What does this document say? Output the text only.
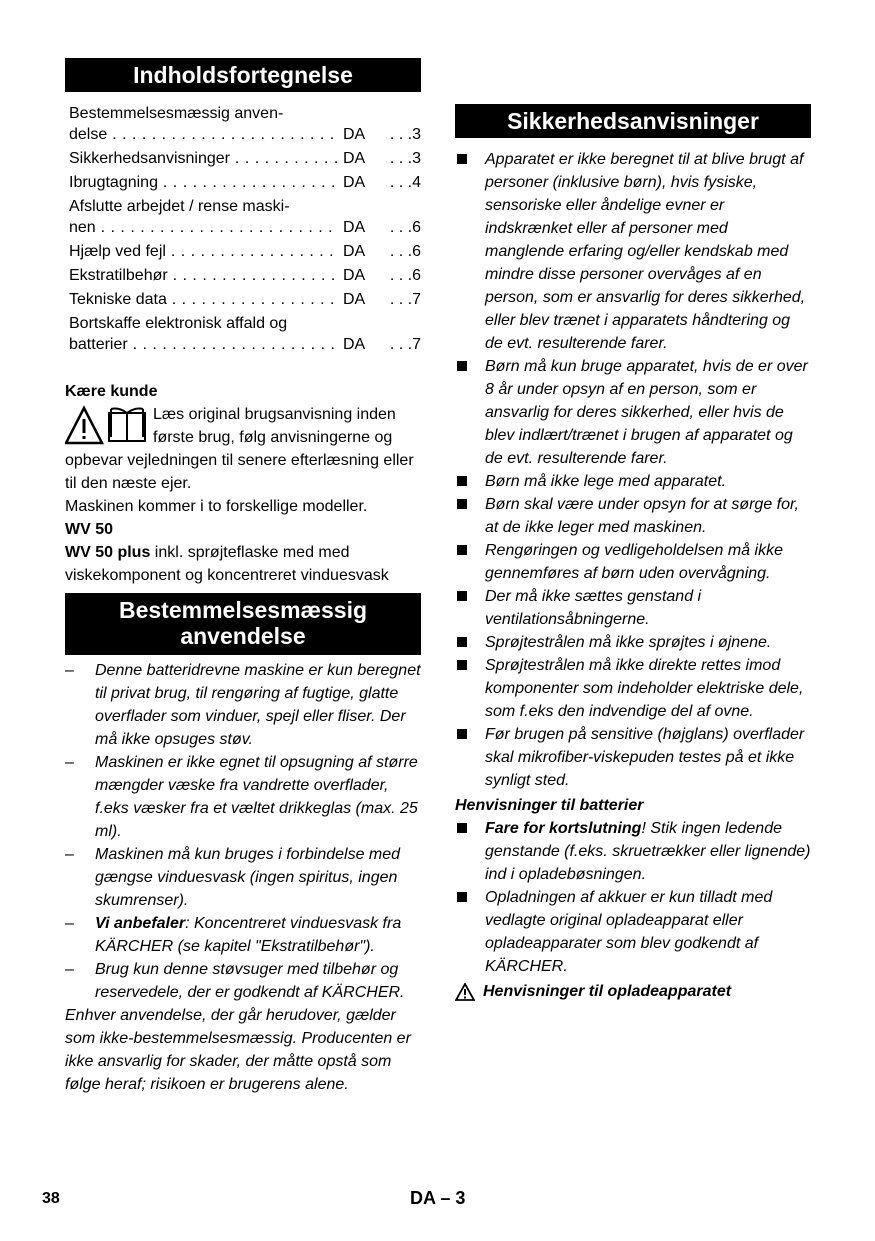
Indholdsfortegnelse
Bestemmelsesmæssig anven-
delse . . .	DA	. . . 3
Sikkerhedsanvisninger . . .	DA	. . . 3
Ibrugtagning . . .	DA	. . . 4
Afslutte arbejdet / rense maski-
nen . . .	DA	. . . 6
Hjælp ved fejl . . .	DA	. . . 6
Ekstratilbehør . . .	DA	. . . 6
Tekniske data . . .	DA	. . . 7
Bortskaffe elektronisk affald og
batterier . . .	DA	. . . 7
Kære kunde
Læs original brugsanvisning inden første brug, følg anvisningerne og opbevar vejledningen til senere efterlæsning eller til den næste ejer.
Maskinen kommer i to forskellige modeller.
WV 50
WV 50 plus inkl. sprøjteflaske med med viskekomponent og koncentreret vinduesvask
Bestemmelsesmæssig
anvendelse
– Denne batteridrevne maskine er kun beregnet til privat brug, til rengøring af fugtige, glatte overflader som vinduer, spejl eller fliser. Der må ikke opsuges støv.
– Maskinen er ikke egnet til opsugning af større mængder væske fra vandrette overflader, f.eks væsker fra et væltet drikkeglas (max. 25 ml).
– Maskinen må kun bruges i forbindelse med gængse vinduesvask (ingen spiritus, ingen skumrenser).
– Vi anbefaler: Koncentreret vinduesvask fra KÄRCHER (se kapitel "Ekstratilbehør").
– Brug kun denne støvsuger med tilbehør og reservedele, der er godkendt af KÄRCHER.
Enhver anvendelse, der går herudover, gælder som ikke-bestemmelsesmæssig. Producenten er ikke ansvarlig for skader, der måtte opstå som følge heraf; risikoen er brugerens alene.
Sikkerhedsanvisninger
Apparatet er ikke beregnet til at blive brugt af personer (inklusive børn), hvis fysiske, sensoriske eller åndelige evner er indskrænket eller af personer med manglende erfaring og/eller kendskab med mindre disse personer overvåges af en person, som er ansvarlig for deres sikkerhed, eller blev trænet i apparatets håndtering og de evt. resulterende farer.
Børn må kun bruge apparatet, hvis de er over 8 år under opsyn af en person, som er ansvarlig for deres sikkerhed, eller hvis de blev indlært/trænet i brugen af apparatet og de evt. resulterende farer.
Børn må ikke lege med apparatet.
Børn skal være under opsyn for at sørge for, at de ikke leger med maskinen.
Rengøringen og vedligeholdelsen må ikke gennemføres af børn uden overvågning.
Der må ikke sættes genstand i ventilationsåbningerne.
Sprøjtestrålen må ikke sprøjtes i øjnene.
Sprøjtestrålen må ikke direkte rettes imod komponenter som indeholder elektriske dele, som f.eks den indvendige del af ovne.
Før brugen på sensitive (højglans) overflader skal mikrofiber-viskepuden testes på et ikke synligt sted.
Henvisninger til batterier
Fare for kortslutning! Stik ingen ledende genstande (f.eks. skruetrækker eller lignende) ind i opladebøsningen.
Opladningen af akkuer er kun tilladt med vedlagte original opladeapparat eller opladeapparater som blev godkendt af KÄRCHER.
Henvisninger til opladeapparatet
38	DA – 3
